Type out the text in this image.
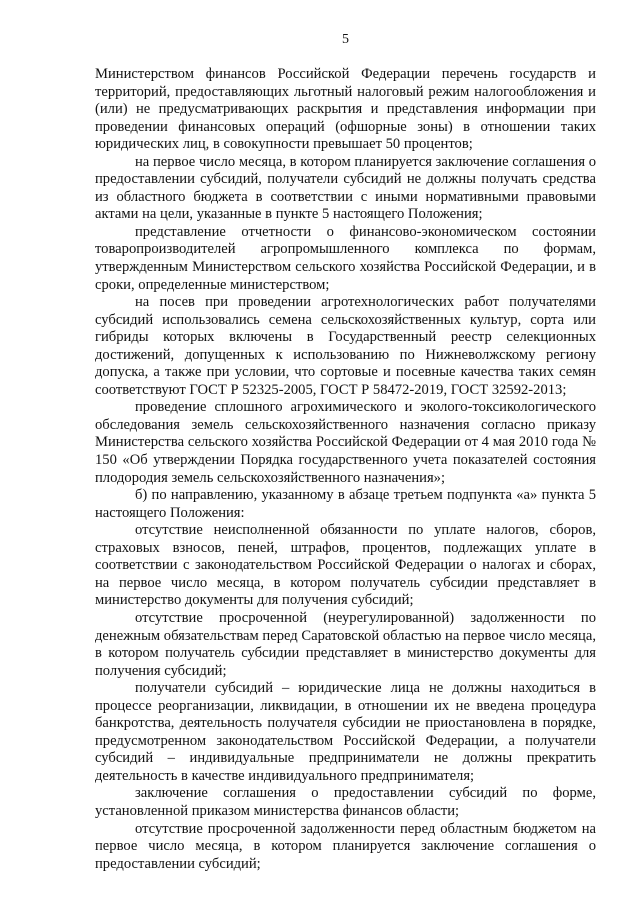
5

Министерством финансов Российской Федерации перечень государств и территорий, предоставляющих льготный налоговый режим налогообложения и (или) не предусматривающих раскрытия и представления информации при проведении финансовых операций (офшорные зоны) в отношении таких юридических лиц, в совокупности превышает 50 процентов;

на первое число месяца, в котором планируется заключение соглашения о предоставлении субсидий, получатели субсидий не должны получать средства из областного бюджета в соответствии с иными нормативными правовыми актами на цели, указанные в пункте 5 настоящего Положения;

представление отчетности о финансово-экономическом состоянии товаропроизводителей агропромышленного комплекса по формам, утвержденным Министерством сельского хозяйства Российской Федерации, и в сроки, определенные министерством;

на посев при проведении агротехнологических работ получателями субсидий использовались семена сельскохозяйственных культур, сорта или гибриды которых включены в Государственный реестр селекционных достижений, допущенных к использованию по Нижневолжскому региону допуска, а также при условии, что сортовые и посевные качества таких семян соответствуют ГОСТ Р 52325-2005, ГОСТ Р 58472-2019, ГОСТ 32592-2013;

проведение сплошного агрохимического и эколого-токсикологического обследования земель сельскохозяйственного назначения согласно приказу Министерства сельского хозяйства Российской Федерации от 4 мая 2010 года № 150 «Об утверждении Порядка государственного учета показателей состояния плодородия земель сельскохозяйственного назначения»;

б) по направлению, указанному в абзаце третьем подпункта «а» пункта 5 настоящего Положения:

отсутствие неисполненной обязанности по уплате налогов, сборов, страховых взносов, пеней, штрафов, процентов, подлежащих уплате в соответствии с законодательством Российской Федерации о налогах и сборах, на первое число месяца, в котором получатель субсидии представляет в министерство документы для получения субсидий;

отсутствие просроченной (неурегулированной) задолженности по денежным обязательствам перед Саратовской областью на первое число месяца, в котором получатель субсидии представляет в министерство документы для получения субсидий;

получатели субсидий – юридические лица не должны находиться в процессе реорганизации, ликвидации, в отношении их не введена процедура банкротства, деятельность получателя субсидии не приостановлена в порядке, предусмотренном законодательством Российской Федерации, а получатели субсидий – индивидуальные предприниматели не должны прекратить деятельность в качестве индивидуального предпринимателя;

заключение соглашения о предоставлении субсидий по форме, установленной приказом министерства финансов области;

отсутствие просроченной задолженности перед областным бюджетом на первое число месяца, в котором планируется заключение соглашения о предоставлении субсидий;
